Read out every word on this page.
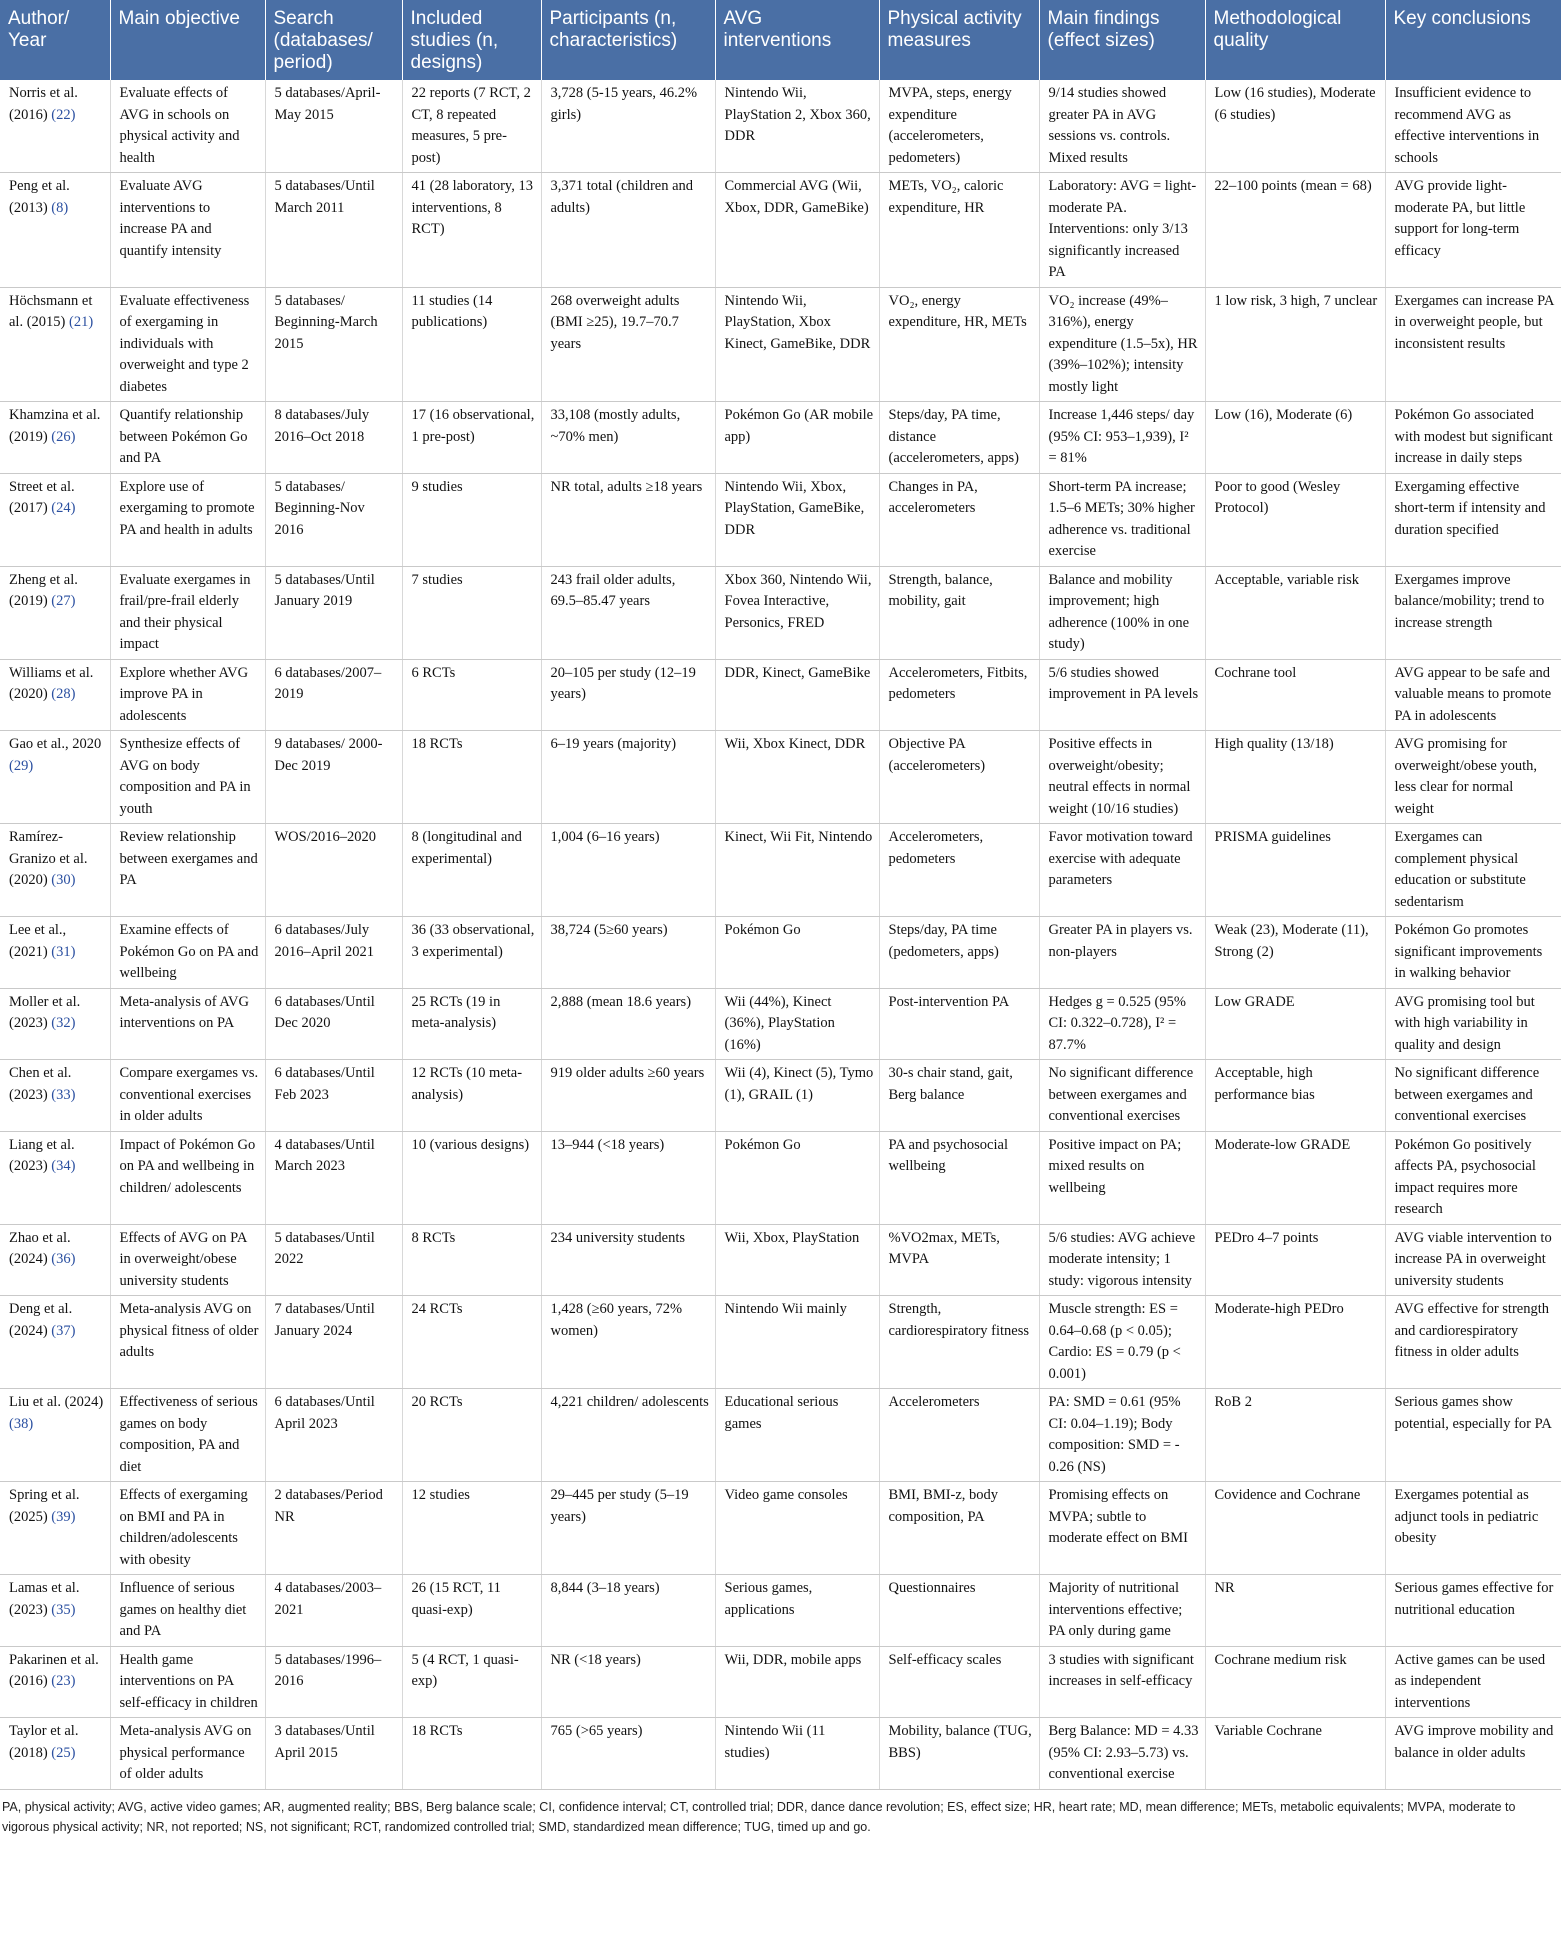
Author/ Year	Main objective	Search (databases/ period)	Included studies (n, designs)	Participants (n, characteristics)	AVG interventions	Physical activity measures	Main findings (effect sizes)	Methodological quality	Key conclusions
Norris et al. (2016) (22)	Evaluate effects of AVG in schools on physical activity and health	5 databases/April-May 2015	22 reports (7 RCT, 2 CT, 8 repeated measures, 5 pre-post)	3,728 (5-15 years, 46.2% girls)	Nintendo Wii, PlayStation 2, Xbox 360, DDR	MVPA, steps, energy expenditure (accelerometers, pedometers)	9/14 studies showed greater PA in AVG sessions vs. controls. Mixed results	Low (16 studies), Moderate (6 studies)	Insufficient evidence to recommend AVG as effective interventions in schools
Peng et al. (2013) (8)	Evaluate AVG interventions to increase PA and quantify intensity	5 databases/Until March 2011	41 (28 laboratory, 13 interventions, 8 RCT)	3,371 total (children and adults)	Commercial AVG (Wii, Xbox, DDR, GameBike)	METs, VO₂, caloric expenditure, HR	Laboratory: AVG = light-moderate PA. Interventions: only 3/13 significantly increased PA	22–100 points (mean = 68)	AVG provide light-moderate PA, but little support for long-term efficacy
Höchsmann et al. (2015) (21)	Evaluate effectiveness of exergaming in individuals with overweight and type 2 diabetes	5 databases/ Beginning-March 2015	11 studies (14 publications)	268 overweight adults (BMI ≥25), 19.7–70.7 years	Nintendo Wii, PlayStation, Xbox Kinect, GameBike, DDR	VO₂, energy expenditure, HR, METs	VO₂ increase (49%–316%), energy expenditure (1.5–5x), HR (39%–102%); intensity mostly light	1 low risk, 3 high, 7 unclear	Exergames can increase PA in overweight people, but inconsistent results
Khamzina et al. (2019) (26)	Quantify relationship between Pokémon Go and PA	8 databases/July 2016–Oct 2018	17 (16 observational, 1 pre-post)	33,108 (mostly adults, ~70% men)	Pokémon Go (AR mobile app)	Steps/day, PA time, distance (accelerometers, apps)	Increase 1,446 steps/ day (95% CI: 953–1,939), I² = 81%	Low (16), Moderate (6)	Pokémon Go associated with modest but significant increase in daily steps
Street et al. (2017) (24)	Explore use of exergaming to promote PA and health in adults	5 databases/ Beginning-Nov 2016	9 studies	NR total, adults ≥18 years	Nintendo Wii, Xbox, PlayStation, GameBike, DDR	Changes in PA, accelerometers	Short-term PA increase; 1.5–6 METs; 30% higher adherence vs. traditional exercise	Poor to good (Wesley Protocol)	Exergaming effective short-term if intensity and duration specified
Zheng et al. (2019) (27)	Evaluate exergames in frail/pre-frail elderly and their physical impact	5 databases/Until January 2019	7 studies	243 frail older adults, 69.5–85.47 years	Xbox 360, Nintendo Wii, Fovea Interactive, Personics, FRED	Strength, balance, mobility, gait	Balance and mobility improvement; high adherence (100% in one study)	Acceptable, variable risk	Exergames improve balance/mobility; trend to increase strength
Williams et al. (2020) (28)	Explore whether AVG improve PA in adolescents	6 databases/2007–2019	6 RCTs	20–105 per study (12–19 years)	DDR, Kinect, GameBike	Accelerometers, Fitbits, pedometers	5/6 studies showed improvement in PA levels	Cochrane tool	AVG appear to be safe and valuable means to promote PA in adolescents
Gao et al., 2020 (29)	Synthesize effects of AVG on body composition and PA in youth	9 databases/ 2000-Dec 2019	18 RCTs	6–19 years (majority)	Wii, Xbox Kinect, DDR	Objective PA (accelerometers)	Positive effects in overweight/obesity; neutral effects in normal weight (10/16 studies)	High quality (13/18)	AVG promising for overweight/obese youth, less clear for normal weight
Ramírez-Granizo et al. (2020) (30)	Review relationship between exergames and PA	WOS/2016–2020	8 (longitudinal and experimental)	1,004 (6–16 years)	Kinect, Wii Fit, Nintendo	Accelerometers, pedometers	Favor motivation toward exercise with adequate parameters	PRISMA guidelines	Exergames can complement physical education or substitute sedentarism
Lee et al., (2021) (31)	Examine effects of Pokémon Go on PA and wellbeing	6 databases/July 2016–April 2021	36 (33 observational, 3 experimental)	38,724 (5≥60 years)	Pokémon Go	Steps/day, PA time (pedometers, apps)	Greater PA in players vs. non-players	Weak (23), Moderate (11), Strong (2)	Pokémon Go promotes significant improvements in walking behavior
Moller et al. (2023) (32)	Meta-analysis of AVG interventions on PA	6 databases/Until Dec 2020	25 RCTs (19 in meta-analysis)	2,888 (mean 18.6 years)	Wii (44%), Kinect (36%), PlayStation (16%)	Post-intervention PA	Hedges g = 0.525 (95% CI: 0.322–0.728), I² = 87.7%	Low GRADE	AVG promising tool but with high variability in quality and design
Chen et al. (2023) (33)	Compare exergames vs. conventional exercises in older adults	6 databases/Until Feb 2023	12 RCTs (10 meta-analysis)	919 older adults ≥60 years	Wii (4), Kinect (5), Tymo (1), GRAIL (1)	30-s chair stand, gait, Berg balance	No significant difference between exergames and conventional exercises	Acceptable, high performance bias	No significant difference between exergames and conventional exercises
Liang et al. (2023) (34)	Impact of Pokémon Go on PA and wellbeing in children/ adolescents	4 databases/Until March 2023	10 (various designs)	13–944 (<18 years)	Pokémon Go	PA and psychosocial wellbeing	Positive impact on PA; mixed results on wellbeing	Moderate-low GRADE	Pokémon Go positively affects PA, psychosocial impact requires more research
Zhao et al. (2024) (36)	Effects of AVG on PA in overweight/obese university students	5 databases/Until 2022	8 RCTs	234 university students	Wii, Xbox, PlayStation	%VO2max, METs, MVPA	5/6 studies: AVG achieve moderate intensity; 1 study: vigorous intensity	PEDro 4–7 points	AVG viable intervention to increase PA in overweight university students
Deng et al. (2024) (37)	Meta-analysis AVG on physical fitness of older adults	7 databases/Until January 2024	24 RCTs	1,428 (≥60 years, 72% women)	Nintendo Wii mainly	Strength, cardiorespiratory fitness	Muscle strength: ES = 0.64–0.68 (p < 0.05); Cardio: ES = 0.79 (p < 0.001)	Moderate-high PEDro	AVG effective for strength and cardiorespiratory fitness in older adults
Liu et al. (2024) (38)	Effectiveness of serious games on body composition, PA and diet	6 databases/Until April 2023	20 RCTs	4,221 children/ adolescents	Educational serious games	Accelerometers	PA: SMD = 0.61 (95% CI: 0.04–1.19); Body composition: SMD = - 0.26 (NS)	RoB 2	Serious games show potential, especially for PA
Spring et al. (2025) (39)	Effects of exergaming on BMI and PA in children/adolescents with obesity	2 databases/Period NR	12 studies	29–445 per study (5–19 years)	Video game consoles	BMI, BMI-z, body composition, PA	Promising effects on MVPA; subtle to moderate effect on BMI	Covidence and Cochrane	Exergames potential as adjunct tools in pediatric obesity
Lamas et al. (2023) (35)	Influence of serious games on healthy diet and PA	4 databases/2003–2021	26 (15 RCT, 11 quasi-exp)	8,844 (3–18 years)	Serious games, applications	Questionnaires	Majority of nutritional interventions effective; PA only during game	NR	Serious games effective for nutritional education
Pakarinen et al. (2016) (23)	Health game interventions on PA self-efficacy in children	5 databases/1996–2016	5 (4 RCT, 1 quasi-exp)	NR (<18 years)	Wii, DDR, mobile apps	Self-efficacy scales	3 studies with significant increases in self-efficacy	Cochrane medium risk	Active games can be used as independent interventions
Taylor et al. (2018) (25)	Meta-analysis AVG on physical performance of older adults	3 databases/Until April 2015	18 RCTs	765 (>65 years)	Nintendo Wii (11 studies)	Mobility, balance (TUG, BBS)	Berg Balance: MD = 4.33 (95% CI: 2.93–5.73) vs. conventional exercise	Variable Cochrane	AVG improve mobility and balance in older adults
PA, physical activity; AVG, active video games; AR, augmented reality; BBS, Berg balance scale; CI, confidence interval; CT, controlled trial; DDR, dance dance revolution; ES, effect size; HR, heart rate; MD, mean difference; METs, metabolic equivalents; MVPA, moderate to vigorous physical activity; NR, not reported; NS, not significant; RCT, randomized controlled trial; SMD, standardized mean difference; TUG, timed up and go.
